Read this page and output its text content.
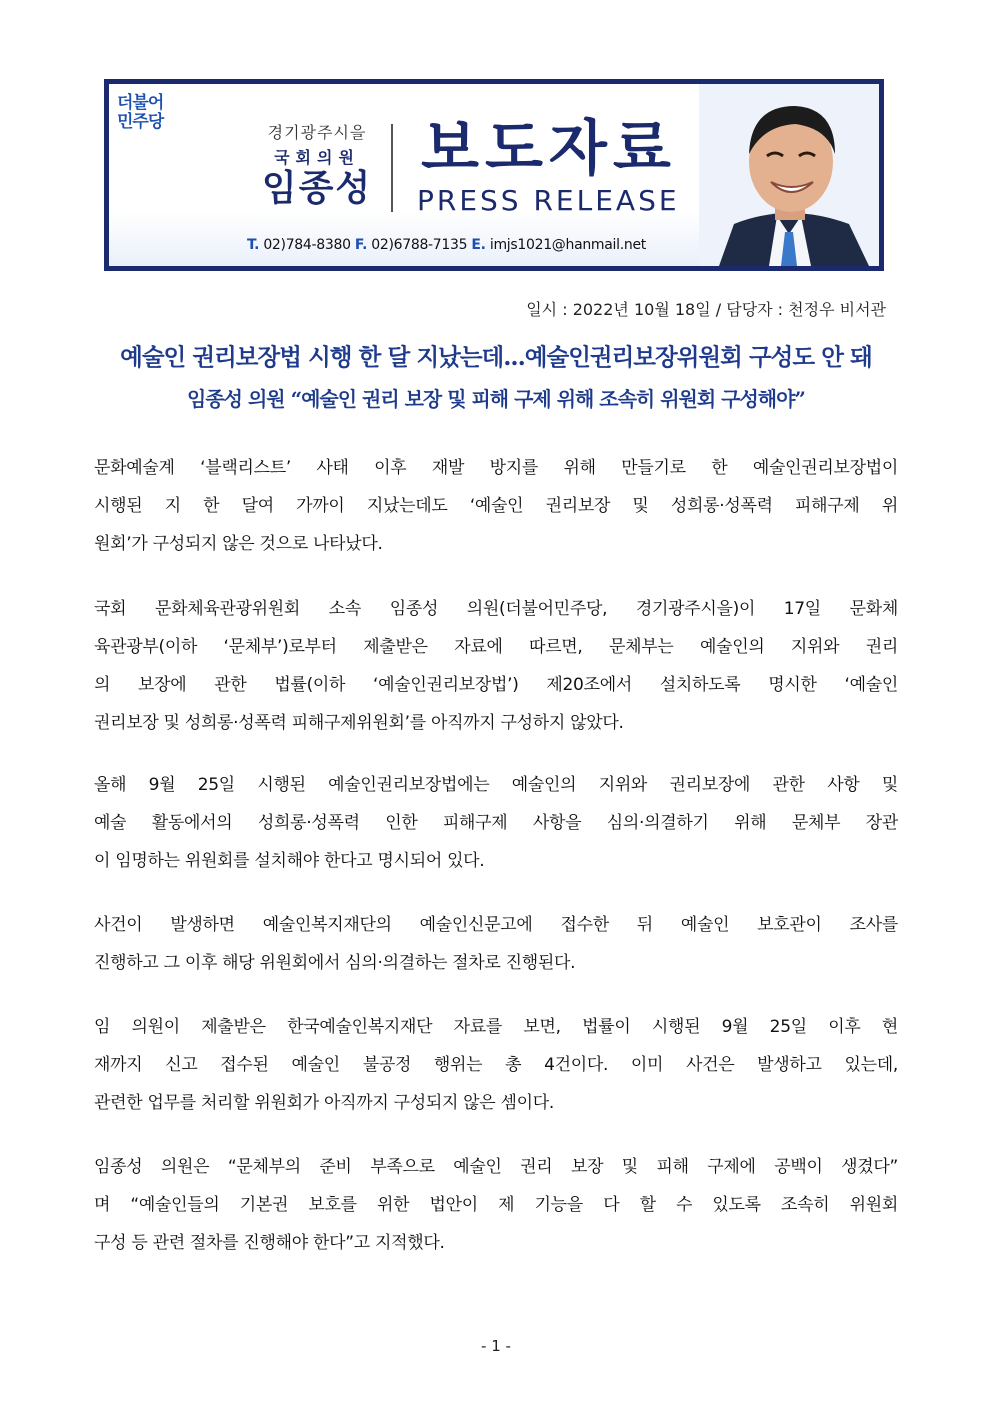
더불어
민주당
경기광주시을
국회의원
임종성
보도자료
PRESS RELEASE
T. 02)784-8380 F. 02)6788-7135 E. imjs1021@hanmail.net
일시 : 2022년 10월 18일 / 담당자 : 천정우 비서관
예술인 권리보장법 시행 한 달 지났는데...예술인권리보장위원회 구성도 안 돼
임종성 의원 “예술인 권리 보장 및 피해 구제 위해 조속히 위원회 구성해야”
문화예술계 ‘블랙리스트’ 사태 이후 재발 방지를 위해 만들기로 한 예술인권리보장법이
시행된 지 한 달여 가까이 지났는데도 ‘예술인 권리보장 및 성희롱·성폭력 피해구제 위
원회’가 구성되지 않은 것으로 나타났다.
국회 문화체육관광위원회 소속 임종성 의원(더불어민주당, 경기광주시을)이 17일 문화체
육관광부(이하 ‘문체부’)로부터 제출받은 자료에 따르면, 문체부는 예술인의 지위와 권리
의 보장에 관한 법률(이하 ‘예술인권리보장법’) 제20조에서 설치하도록 명시한 ‘예술인
권리보장 및 성희롱·성폭력 피해구제위원회’를 아직까지 구성하지 않았다.
올해 9월 25일 시행된 예술인권리보장법에는 예술인의 지위와 권리보장에 관한 사항 및
예술 활동에서의 성희롱·성폭력 인한 피해구제 사항을 심의·의결하기 위해 문체부 장관
이 임명하는 위원회를 설치해야 한다고 명시되어 있다.
사건이 발생하면 예술인복지재단의 예술인신문고에 접수한 뒤 예술인 보호관이 조사를
진행하고 그 이후 해당 위원회에서 심의·의결하는 절차로 진행된다.
임 의원이 제출받은 한국예술인복지재단 자료를 보면, 법률이 시행된 9월 25일 이후 현
재까지 신고 접수된 예술인 불공정 행위는 총 4건이다. 이미 사건은 발생하고 있는데,
관련한 업무를 처리할 위원회가 아직까지 구성되지 않은 셈이다.
임종성 의원은 “문체부의 준비 부족으로 예술인 권리 보장 및 피해 구제에 공백이 생겼다”
며 “예술인들의 기본권 보호를 위한 법안이 제 기능을 다 할 수 있도록 조속히 위원회
구성 등 관련 절차를 진행해야 한다”고 지적했다.
- 1 -
